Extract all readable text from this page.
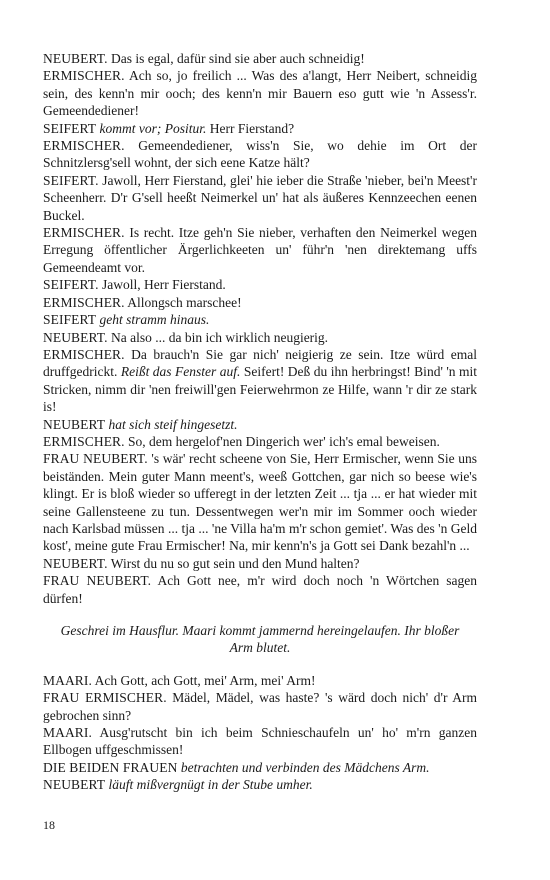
NEUBERT. Das is egal, dafür sind sie aber auch schneidig!

ERMISCHER. Ach so, jo freilich ... Was des a'langt, Herr Neibert, schneidig sein, des kenn'n mir ooch; des kenn'n mir Bauern eso gutt wie 'n Assess'r. Gemeendediener!

SEIFERT kommt vor; Positur. Herr Fierstand?

ERMISCHER. Gemeendediener, wiss'n Sie, wo dehie im Ort der Schnitzlersg'sell wohnt, der sich eene Katze hält?

SEIFERT. Jawoll, Herr Fierstand, glei' hie ieber die Straße 'nieber, bei'n Meest'r Scheenherr. D'r G'sell heeßt Neimerkel un' hat als äußeres Kennzeechen eenen Buckel.

ERMISCHER. Is recht. Itze geh'n Sie nieber, verhaften den Neimerkel wegen Erregung öffentlicher Ärgerlichkeeten un' führ'n 'nen direktemang uffs Gemeendeamt vor.

SEIFERT. Jawoll, Herr Fierstand.

ERMISCHER. Allongsch marschee!

SEIFERT geht stramm hinaus.

NEUBERT. Na also ... da bin ich wirklich neugierig.

ERMISCHER. Da brauch'n Sie gar nich' neigierig ze sein. Itze würd emal druffgedrickt. Reißt das Fenster auf. Seifert! Deß du ihn herbringst! Bind' 'n mit Stricken, nimm dir 'nen freiwill'gen Feierwehrmon ze Hilfe, wann 'r dir ze stark is!

NEUBERT hat sich steif hingesetzt.

ERMISCHER. So, dem hergelof'nen Dingerich wer' ich's emal beweisen.

FRAU NEUBERT. 's wär' recht scheene von Sie, Herr Ermischer, wenn Sie uns beiständen. Mein guter Mann meent's, weeß Gottchen, gar nich so beese wie's klingt. Er is bloß wieder so ufferegt in der letzten Zeit ... tja ... er hat wieder mit seine Gallensteene zu tun. Dessentwegen wer'n mir im Sommer ooch wieder nach Karlsbad müssen ... tja ... 'ne Villa ha'm m'r schon gemiet'. Was des 'n Geld kost', meine gute Frau Ermischer! Na, mir kenn'n's ja Gott sei Dank bezahl'n ...

NEUBERT. Wirst du nu so gut sein und den Mund halten?

FRAU NEUBERT. Ach Gott nee, m'r wird doch noch 'n Wörtchen sagen dürfen!

Geschrei im Hausflur. Maari kommt jammernd hereingelaufen. Ihr bloßer Arm blutet.

MAARI. Ach Gott, ach Gott, mei' Arm, mei' Arm!

FRAU ERMISCHER. Mädel, Mädel, was haste? 's wärd doch nich' d'r Arm gebrochen sinn?

MAARI. Ausg'rutscht bin ich beim Schnieschaufeln un' ho' m'rn ganzen Ellbogen uffgeschmissen!

DIE BEIDEN FRAUEN betrachten und verbinden des Mädchens Arm.

NEUBERT läuft mißvergnügt in der Stube umher.

18
